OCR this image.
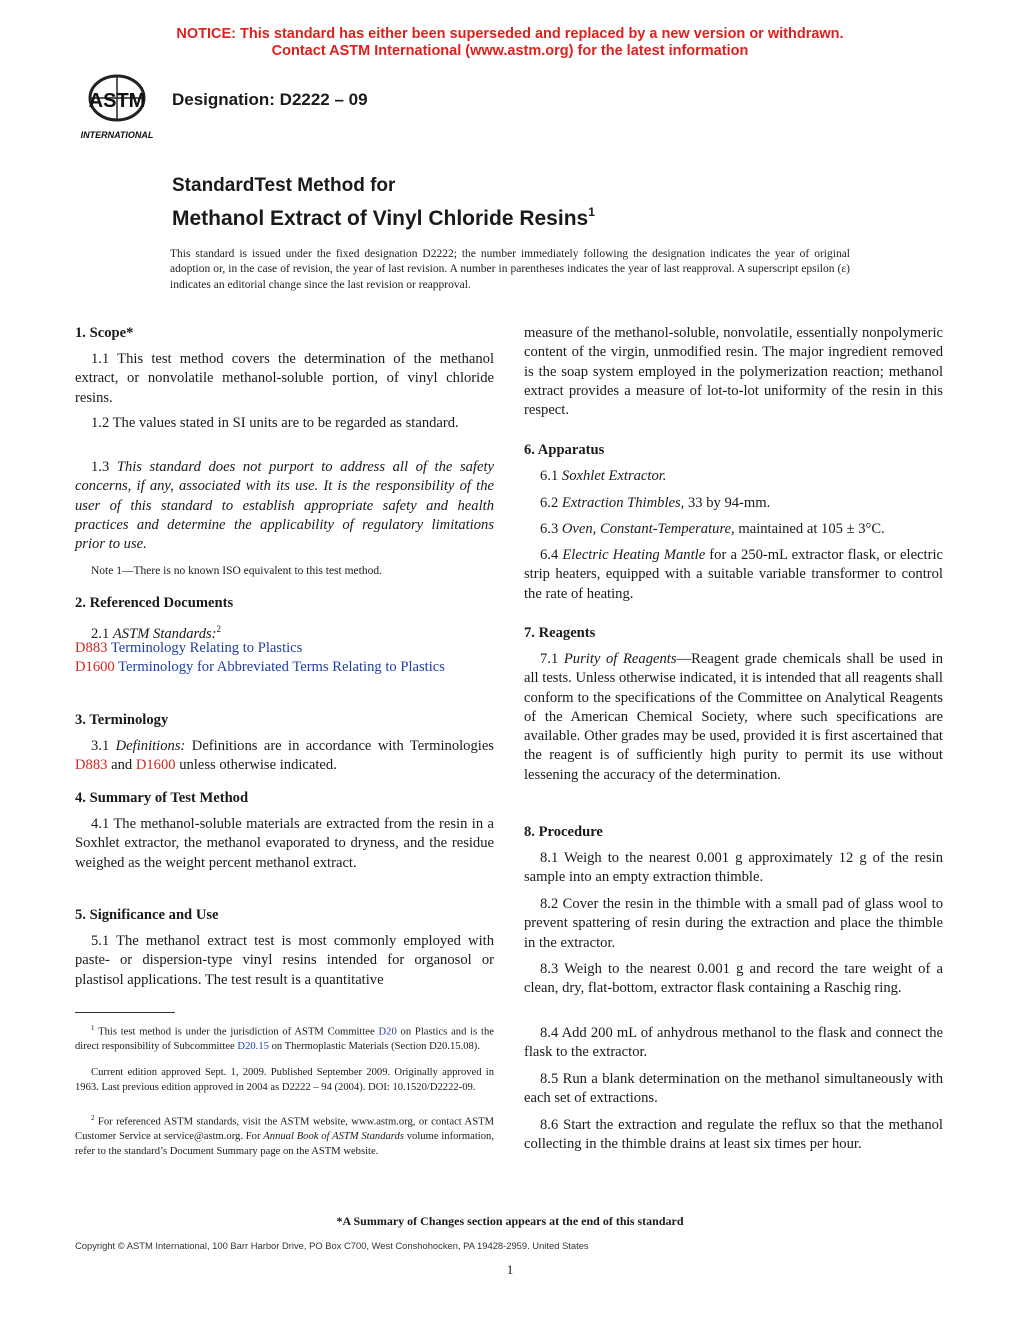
NOTICE: This standard has either been superseded and replaced by a new version or withdrawn.
Contact ASTM International (www.astm.org) for the latest information
ASTM
INTERNATIONAL
Designation: D2222 – 09
StandardTest Method for
Methanol Extract of Vinyl Chloride Resins$^1$
This standard is issued under the fixed designation D2222; the number immediately following the designation indicates the year of original adoption or, in the case of revision, the year of last revision. A number in parentheses indicates the year of last reapproval. A superscript epsilon (ε) indicates an editorial change since the last revision or reapproval.
1. Scope*

1.1 This test method covers the determination of the methanol extract, or nonvolatile methanol-soluble portion, of vinyl chloride resins.

1.2 The values stated in SI units are to be regarded as standard.

1.3 This standard does not purport to address all of the safety concerns, if any, associated with its use. It is the responsibility of the user of this standard to establish appropriate safety and health practices and determine the applicability of regulatory limitations prior to use.

Note 1—There is no known ISO equivalent to this test method.
2. Referenced Documents
2.1 ASTM Standards:$^2$
D883 Terminology Relating to Plastics
D1600 Terminology for Abbreviated Terms Relating to Plastics
3. Terminology

3.1 Definitions: Definitions are in accordance with Terminologies D883 and D1600 unless otherwise indicated.

4. Summary of Test Method

4.1 The methanol-soluble materials are extracted from the resin in a Soxhlet extractor, the methanol evaporated to dryness, and the residue weighed as the weight percent methanol extract.

5. Significance and Use

5.1 The methanol extract test is most commonly employed with paste- or dispersion-type vinyl resins intended for organosol or plastisol applications. The test result is a quantitative

$^1$ This test method is under the jurisdiction of ASTM Committee D20 on Plastics and is the direct responsibility of Subcommittee D20.15 on Thermoplastic Materials (Section D20.15.08).
Current edition approved Sept. 1, 2009. Published September 2009. Originally approved in 1963. Last previous edition approved in 2004 as D2222 – 94 (2004). DOI: 10.1520/D2222-09.
$^2$ For referenced ASTM standards, visit the ASTM website, www.astm.org, or contact ASTM Customer Service at service@astm.org. For Annual Book of ASTM Standards volume information, refer to the standard’s Document Summary page on the ASTM website.

measure of the methanol-soluble, nonvolatile, essentially nonpolymeric content of the virgin, unmodified resin. The major ingredient removed is the soap system employed in the polymerization reaction; methanol extract provides a measure of lot-to-lot uniformity of the resin in this respect.

6. Apparatus

6.1 Soxhlet Extractor.

6.2 Extraction Thimbles, 33 by 94-mm.

6.3 Oven, Constant-Temperature, maintained at 105 ± 3°C.

6.4 Electric Heating Mantle for a 250-mL extractor flask, or electric strip heaters, equipped with a suitable variable transformer to control the rate of heating.

7. Reagents

7.1 Purity of Reagents—Reagent grade chemicals shall be used in all tests. Unless otherwise indicated, it is intended that all reagents shall conform to the specifications of the Committee on Analytical Reagents of the American Chemical Society, where such specifications are available. Other grades may be used, provided it is first ascertained that the reagent is of sufficiently high purity to permit its use without lessening the accuracy of the determination.

8. Procedure

8.1 Weigh to the nearest 0.001 g approximately 12 g of the resin sample into an empty extraction thimble.

8.2 Cover the resin in the thimble with a small pad of glass wool to prevent spattering of resin during the extraction and place the thimble in the extractor.

8.3 Weigh to the nearest 0.001 g and record the tare weight of a clean, dry, flat-bottom, extractor flask containing a Raschig ring.

8.4 Add 200 mL of anhydrous methanol to the flask and connect the flask to the extractor.

8.5 Run a blank determination on the methanol simultaneously with each set of extractions.

8.6 Start the extraction and regulate the reflux so that the methanol collecting in the thimble drains at least six times per hour.

*A Summary of Changes section appears at the end of this standard
Copyright © ASTM International, 100 Barr Harbor Drive, PO Box C700, West Conshohocken, PA 19428-2959. United States
1
